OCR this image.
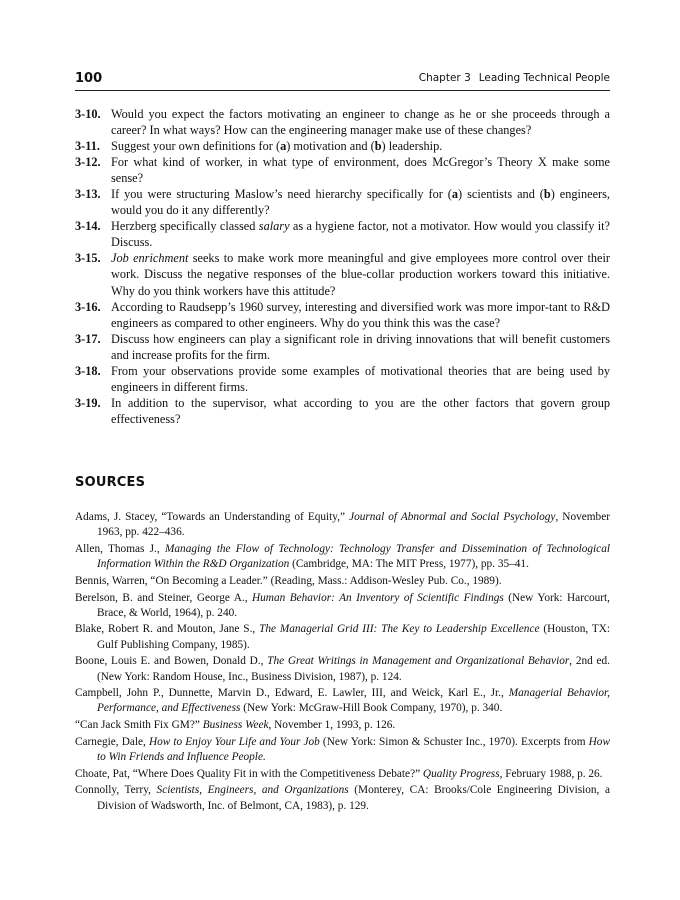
100	Chapter 3 Leading Technical People

3-10. Would you expect the factors motivating an engineer to change as he or she proceeds through a career? In what ways? How can the engineering manager make use of these changes?

3-11. Suggest your own definitions for (a) motivation and (b) leadership.

3-12. For what kind of worker, in what type of environment, does McGregor’s Theory X make some sense?

3-13. If you were structuring Maslow’s need hierarchy specifically for (a) scientists and (b) engineers, would you do it any differently?

3-14. Herzberg specifically classed salary as a hygiene factor, not a motivator. How would you classify it? Discuss.

3-15. Job enrichment seeks to make work more meaningful and give employees more control over their work. Discuss the negative responses of the blue-collar production workers toward this initiative. Why do you think workers have this attitude?

3-16. According to Raudsepp’s 1960 survey, interesting and diversified work was more impor-tant to R&D engineers as compared to other engineers. Why do you think this was the case?

3-17. Discuss how engineers can play a significant role in driving innovations that will benefit customers and increase profits for the firm.

3-18. From your observations provide some examples of motivational theories that are being used by engineers in different firms.

3-19. In addition to the supervisor, what according to you are the other factors that govern group effectiveness?

SOURCES

Adams, J. Stacey, “Towards an Understanding of Equity,” Journal of Abnormal and Social Psychology, November 1963, pp. 422–436.

Allen, Thomas J., Managing the Flow of Technology: Technology Transfer and Dissemination of Technological Information Within the R&D Organization (Cambridge, MA: The MIT Press, 1977), pp. 35–41.

Bennis, Warren, “On Becoming a Leader.” (Reading, Mass.: Addison-Wesley Pub. Co., 1989).

Berelson, B. and Steiner, George A., Human Behavior: An Inventory of Scientific Findings (New York: Harcourt, Brace, & World, 1964), p. 240.

Blake, Robert R. and Mouton, Jane S., The Managerial Grid III: The Key to Leadership Excellence (Houston, TX: Gulf Publishing Company, 1985).

Boone, Louis E. and Bowen, Donald D., The Great Writings in Management and Organizational Behavior, 2nd ed. (New York: Random House, Inc., Business Division, 1987), p. 124.

Campbell, John P., Dunnette, Marvin D., Edward, E. Lawler, III, and Weick, Karl E., Jr., Managerial Behavior, Performance, and Effectiveness (New York: McGraw-Hill Book Company, 1970), p. 340.

“Can Jack Smith Fix GM?” Business Week, November 1, 1993, p. 126.

Carnegie, Dale, How to Enjoy Your Life and Your Job (New York: Simon & Schuster Inc., 1970). Excerpts from How to Win Friends and Influence People.

Choate, Pat, “Where Does Quality Fit in with the Competitiveness Debate?” Quality Progress, February 1988, p. 26.

Connolly, Terry, Scientists, Engineers, and Organizations (Monterey, CA: Brooks/Cole Engineering Division, a Division of Wadsworth, Inc. of Belmont, CA, 1983), p. 129.
